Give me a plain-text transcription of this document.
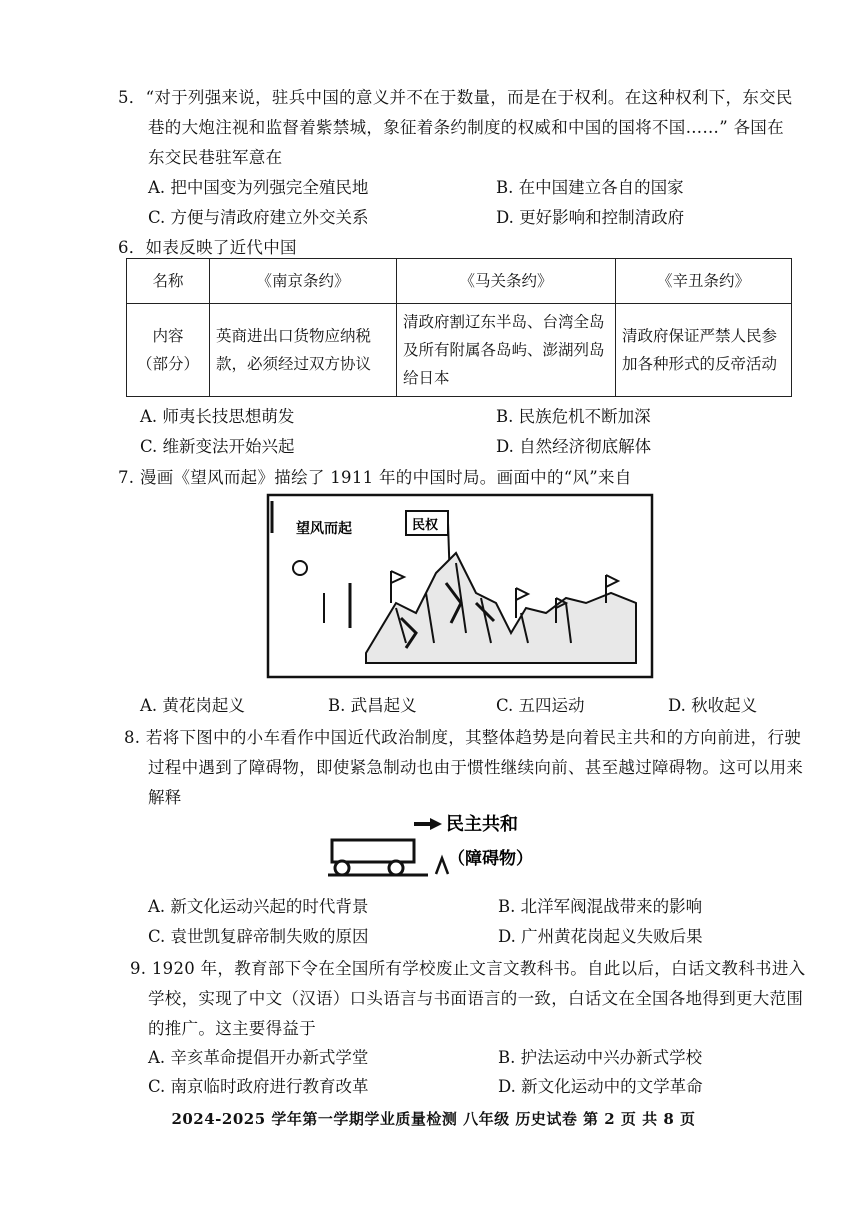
5．“对于列强来说，驻兵中国的意义并不在于数量，而是在于权利。在这种权利下，东交民
巷的大炮注视和监督着紫禁城，象征着条约制度的权威和中国的国将不国……” 各国在
东交民巷驻军意在
A. 把中国变为列强完全殖民地	B. 在中国建立各自的国家
C. 方便与清政府建立外交关系	D. 更好影响和控制清政府
6．如表反映了近代中国
名称	《南京条约》	《马关条约》	《辛丑条约》
内容
（部分）	英商进出口货物应纳税款，必须经过双方协议	清政府割辽东半岛、台湾全岛及所有附属各岛屿、澎湖列岛给日本	清政府保证严禁人民参加各种形式的反帝活动
A. 师夷长技思想萌发	B. 民族危机不断加深
C. 维新变法开始兴起	D. 自然经济彻底解体
7. 漫画《望风而起》描绘了 1911 年的中国时局。画面中的“风”来自
望风而起	民权
A. 黄花岗起义	B. 武昌起义	C. 五四运动	D. 秋收起义
8. 若将下图中的小车看作中国近代政治制度，其整体趋势是向着民主共和的方向前进，行驶
过程中遇到了障碍物，即使紧急制动也由于惯性继续向前、甚至越过障碍物。这可以用来
解释
民主共和
（障碍物）
A. 新文化运动兴起的时代背景	B. 北洋军阀混战带来的影响
C. 袁世凯复辟帝制失败的原因	D. 广州黄花岗起义失败后果
9. 1920 年，教育部下令在全国所有学校废止文言文教科书。自此以后，白话文教科书进入
学校，实现了中文（汉语）口头语言与书面语言的一致，白话文在全国各地得到更大范围
的推广。这主要得益于
A. 辛亥革命提倡开办新式学堂	B. 护法运动中兴办新式学校
C. 南京临时政府进行教育改革	D. 新文化运动中的文学革命
2024-2025 学年第一学期学业质量检测 八年级 历史试卷 第 2 页 共 8 页
